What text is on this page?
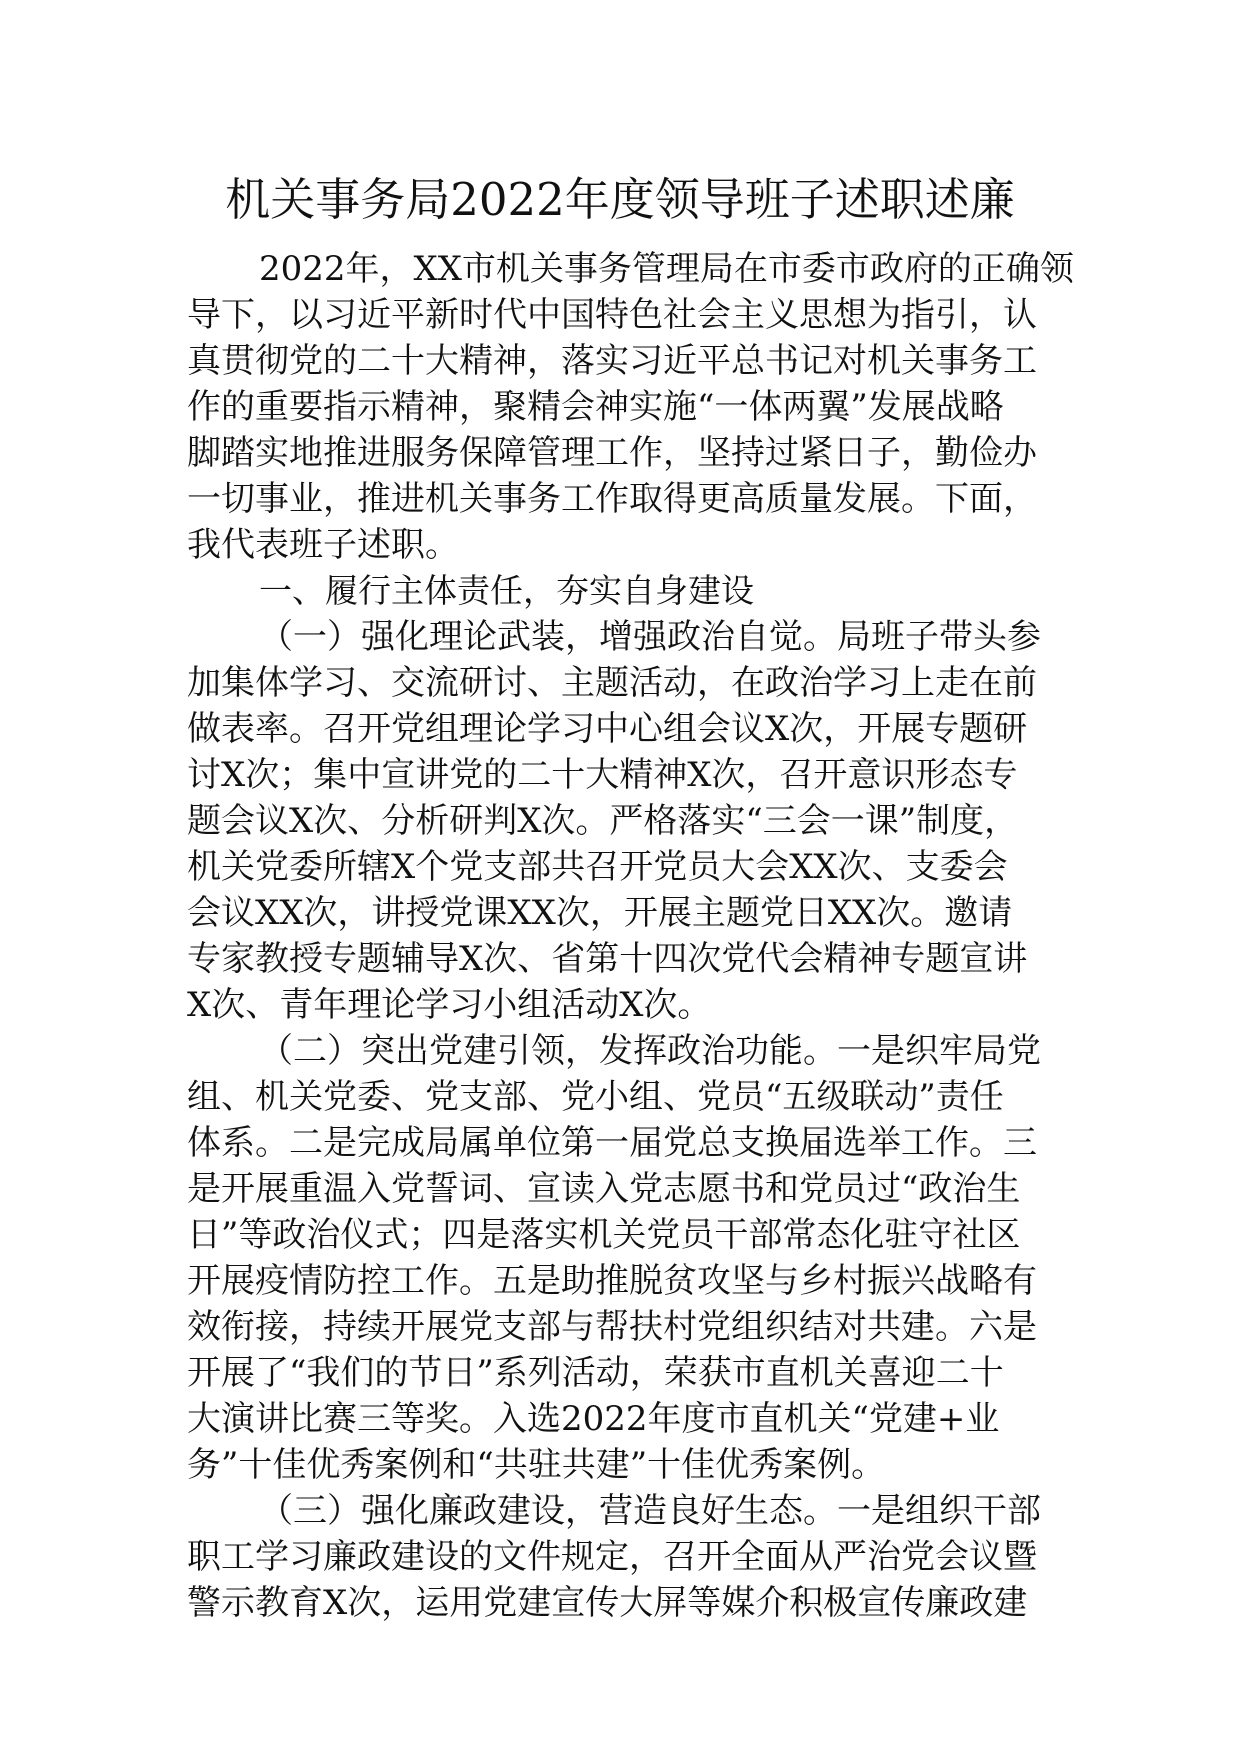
机关事务局2022年度领导班子述职述廉
2022年，XX市机关事务管理局在市委市政府的正确领
导下，以习近平新时代中国特色社会主义思想为指引，认
真贯彻党的二十大精神，落实习近平总书记对机关事务工
作的重要指示精神，聚精会神实施“一体两翼”发展战略
脚踏实地推进服务保障管理工作，坚持过紧日子，勤俭办
一切事业，推进机关事务工作取得更高质量发展。下面，
我代表班子述职。
一、履行主体责任，夯实自身建设
（一）强化理论武装，增强政治自觉。局班子带头参
加集体学习、交流研讨、主题活动，在政治学习上走在前
做表率。召开党组理论学习中心组会议X次，开展专题研
讨X次；集中宣讲党的二十大精神X次，召开意识形态专
题会议X次、分析研判X次。严格落实“三会一课”制度，
机关党委所辖X个党支部共召开党员大会XX次、支委会
会议XX次，讲授党课XX次，开展主题党日XX次。邀请
专家教授专题辅导X次、省第十四次党代会精神专题宣讲
X次、青年理论学习小组活动X次。
（二）突出党建引领，发挥政治功能。一是织牢局党
组、机关党委、党支部、党小组、党员“五级联动”责任
体系。二是完成局属单位第一届党总支换届选举工作。三
是开展重温入党誓词、宣读入党志愿书和党员过“政治生
日”等政治仪式；四是落实机关党员干部常态化驻守社区
开展疫情防控工作。五是助推脱贫攻坚与乡村振兴战略有
效衔接，持续开展党支部与帮扶村党组织结对共建。六是
开展了“我们的节日”系列活动，荣获市直机关喜迎二十
大演讲比赛三等奖。入选2022年度市直机关“党建+业
务”十佳优秀案例和“共驻共建”十佳优秀案例。
（三）强化廉政建设，营造良好生态。一是组织干部
职工学习廉政建设的文件规定，召开全面从严治党会议暨
警示教育X次，运用党建宣传大屏等媒介积极宣传廉政建
